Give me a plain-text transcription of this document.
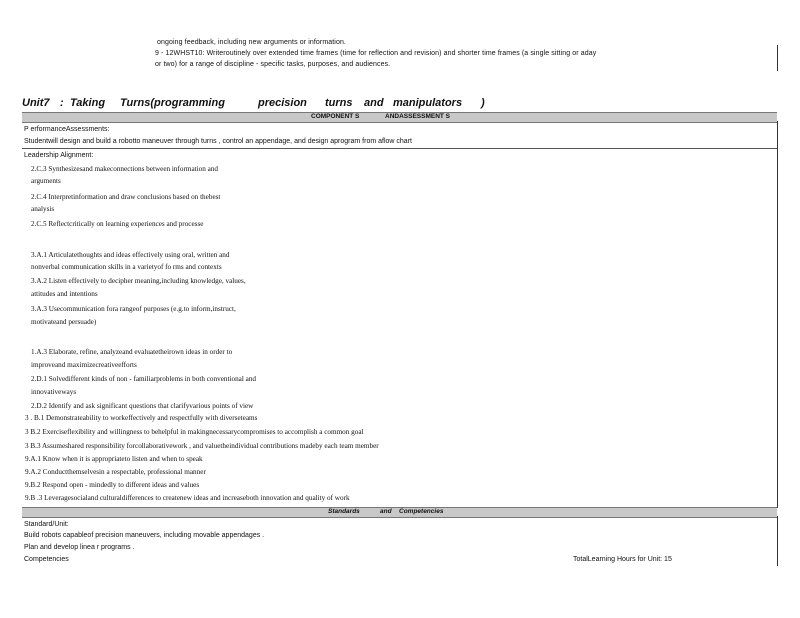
ongoing feedback, including new arguments or information.
9 - 12WHST10: Writeroutinely over extended time frames (time for reflection and revision) and shorter time frames (a single sitting or aday
or two) for a range of discipline - specific tasks, purposes, and audiences.
Unit7 : Taking Turns(programming	precision turns and manipulators )
COMPONENT S	ANDASSESSMENT S
P erformanceAssessments:
Studentwill design and build a robotto maneuver through turns , control an appendage, and design aprogram from aflow chart
Leadership Alignment:
2.C.3 Synthesizesand makeconnections between information and
arguments
2.C.4 Interpretinformation and draw conclusions based on thebest
analysis
2.C.5 Reflectcritically on learning experiences and processe
3.A.1 Articulatethoughts and ideas effectively using oral, written and
nonverbal communication skills in a varietyof fo rms and contexts
3.A.2 Listen effectively to decipher meaning,including knowledge, values,
attitudes and intentions
3.A.3 Usecommunication fora rangeof purposes (e.g.to inform,instruct,
motivateand persuade)
1.A.3 Elaborate, refine, analyzeand evaluatetheirown ideas in order to
improveand maximizecreativeefforts
2.D.1 Solvedifferent kinds of non - familiarproblems in both conventional and
innovativeways
2.D.2 Identify and ask significant questions that clarifyvarious points of view
3 . B.1 Demonstrateability to workeffectively and respectfully with diverseteams
3 B.2 Exerciseflexibility and willingness to behelpful in makingnecessarycompromises to accomplish a common goal
3 B.3 Assumeshared responsibility forcollaborativework , and valuetheindividual contributions madeby each team member
9.A.1 Know when it is appropriateto listen and when to speak
9.A.2 Conductthemselvesin a respectable, professional manner
9.B.2 Respond open - mindedly to different ideas and values
9.B .3 Leveragesocialand culturaldifferences to createnew ideas and increaseboth innovation and quality of work
Standards	and Competencies
Standard/Unit:
Build robots capableof precision maneuvers, including movable appendages .
Plan and develop linea r programs .
Competencies	TotalLearning Hours for Unit: 15
